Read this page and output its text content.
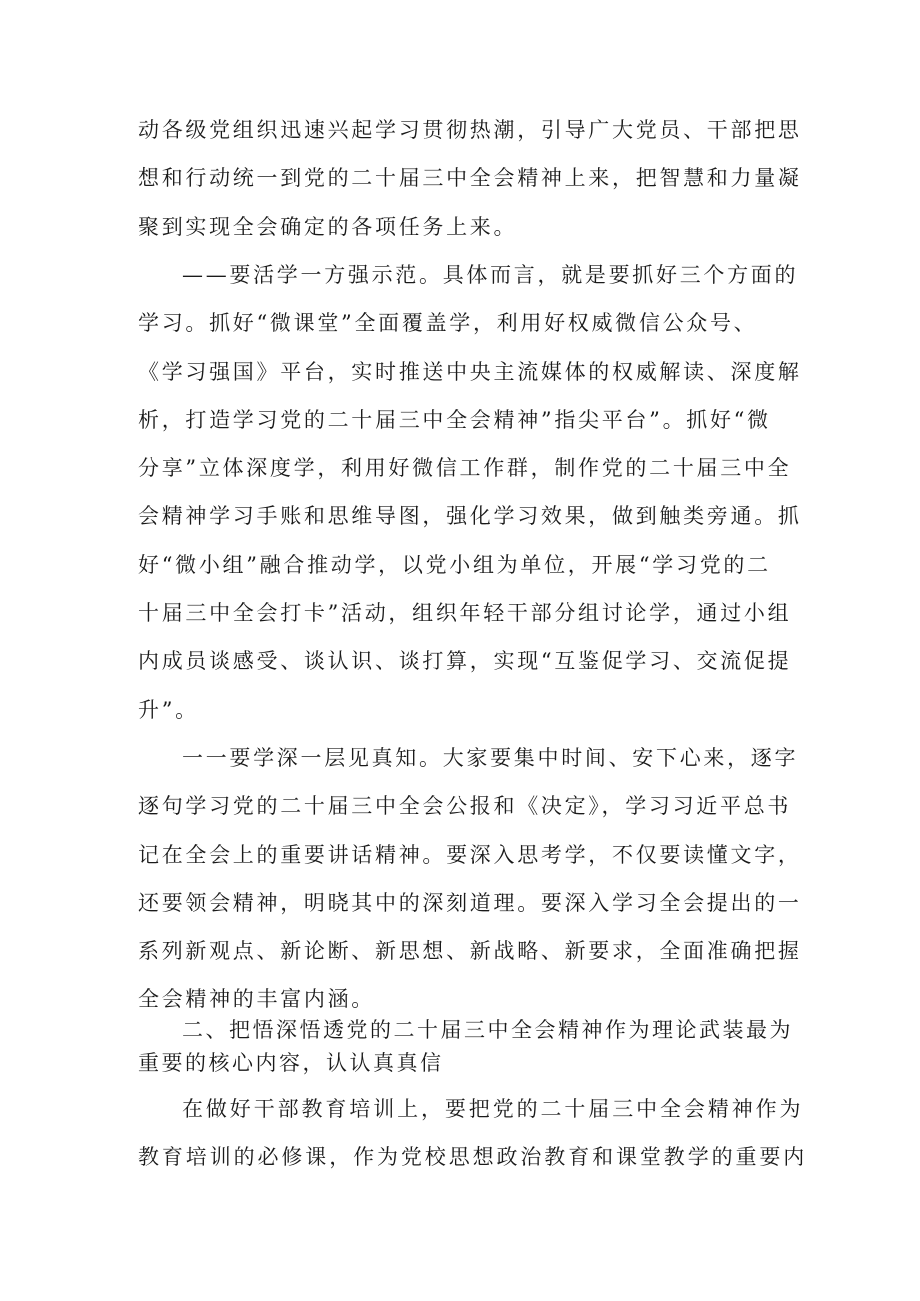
动各级党组织迅速兴起学习贯彻热潮，引导广大党员、干部把思
想和行动统一到党的二十届三中全会精神上来，把智慧和力量凝
聚到实现全会确定的各项任务上来。
——要活学一方强示范。具体而言，就是要抓好三个方面的
学习。抓好“微课堂”全面覆盖学，利用好权威微信公众号、
《学习强国》平台，实时推送中央主流媒体的权威解读、深度解
析，打造学习党的二十届三中全会精神”指尖平台”。抓好“微
分享”立体深度学，利用好微信工作群，制作党的二十届三中全
会精神学习手账和思维导图，强化学习效果，做到触类旁通。抓
好“微小组”融合推动学，以党小组为单位，开展“学习党的二
十届三中全会打卡”活动，组织年轻干部分组讨论学，通过小组
内成员谈感受、谈认识、谈打算，实现“互鉴促学习、交流促提
升”。
一一要学深一层见真知。大家要集中时间、安下心来，逐字
逐句学习党的二十届三中全会公报和《决定》，学习习近平总书
记在全会上的重要讲话精神。要深入思考学，不仅要读懂文字，
还要领会精神，明晓其中的深刻道理。要深入学习全会提出的一
系列新观点、新论断、新思想、新战略、新要求，全面准确把握
全会精神的丰富内涵。
二、把悟深悟透党的二十届三中全会精神作为理论武装最为
重要的核心内容，认认真真信
在做好干部教育培训上，要把党的二十届三中全会精神作为
教育培训的必修课，作为党校思想政治教育和课堂教学的重要内
